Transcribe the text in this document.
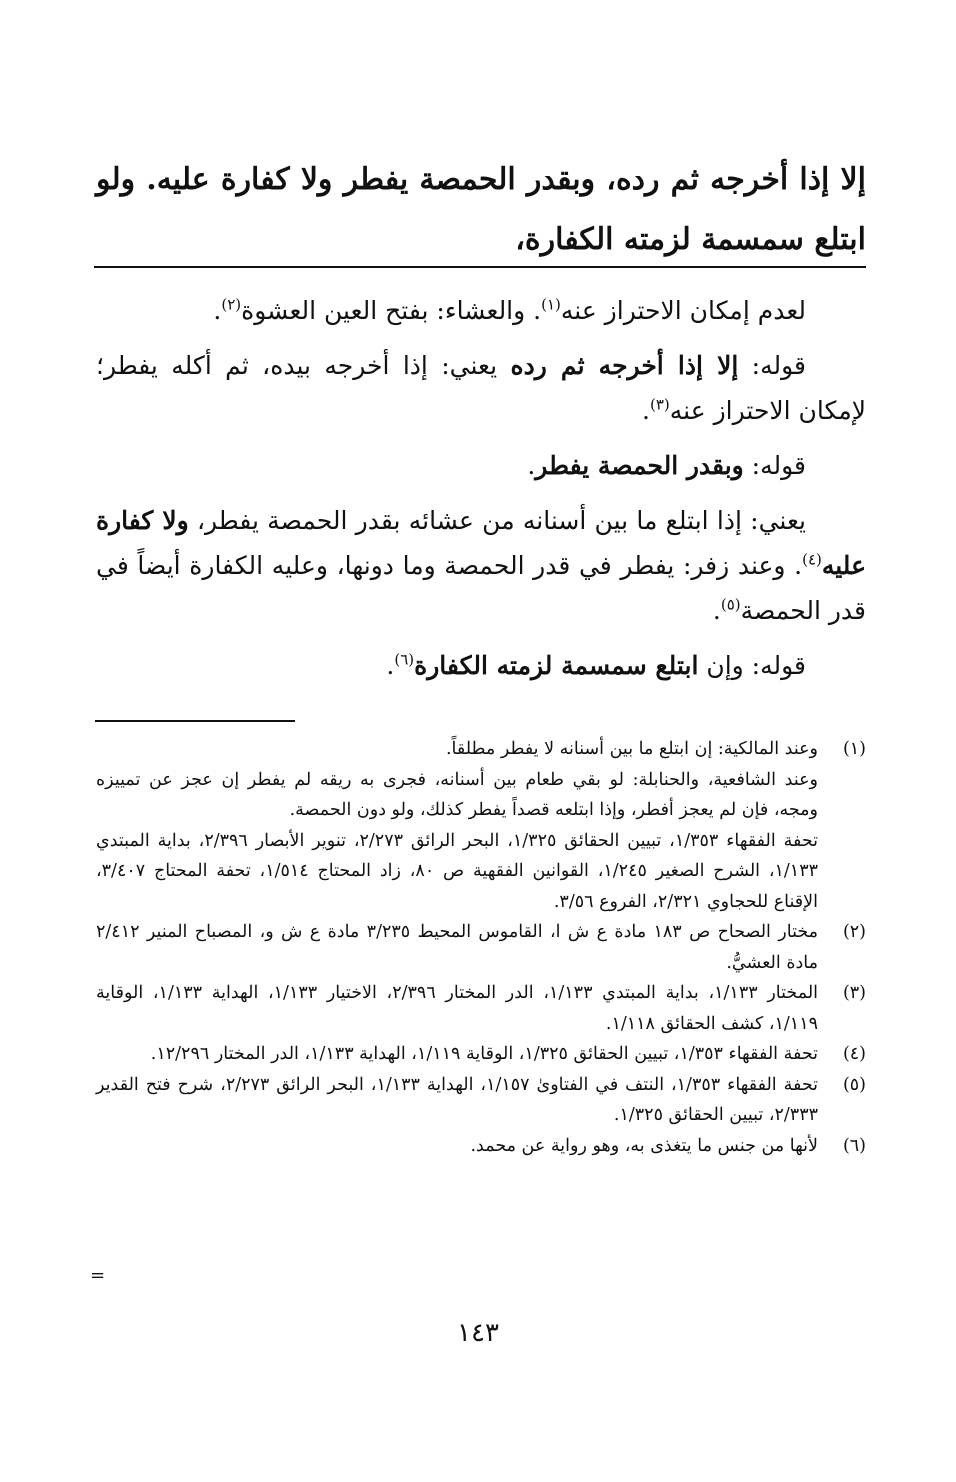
إلا إذا أخرجه ثم رده، وبقدر الحمصة يفطر ولا كفارة عليه. ولو ابتلع سمسمة لزمته الكفارة،

لعدم إمكان الاحتراز عنه$^{(١)}$. والعشاء: بفتح العين العشوة$^{(٢)}$.

قوله: إلا إذا أخرجه ثم رده يعني: إذا أخرجه بيده، ثم أكله يفطر؛ لإمكان الاحتراز عنه$^{(٣)}$.

قوله: وبقدر الحمصة يفطر.

يعني: إذا ابتلع ما بين أسنانه من عشائه بقدر الحمصة يفطر، ولا كفارة عليه$^{(٤)}$. وعند زفر: يفطر في قدر الحمصة وما دونها، وعليه الكفارة أيضاً في قدر الحمصة$^{(٥)}$.

قوله: وإن ابتلع سمسمة لزمته الكفارة$^{(٦)}$.

(١)
وعند المالكية: إن ابتلع ما بين أسنانه لا يفطر مطلقاً.
وعند الشافعية، والحنابلة: لو بقي طعام بين أسنانه، فجرى به ريقه لم يفطر إن عجز عن تمييزه ومجه، فإن لم يعجز أفطر، وإذا ابتلعه قصداً يفطر كذلك، ولو دون الحمصة.
تحفة الفقهاء ١/٣٥٣، تبيين الحقائق ١/٣٢٥، البحر الرائق ٢/٢٧٣، تنوير الأبصار ٢/٣٩٦، بداية المبتدي ١/١٣٣، الشرح الصغير ١/٢٤٥، القوانين الفقهية ص ٨٠، زاد المحتاج ١/٥١٤، تحفة المحتاج ٣/٤٠٧، الإقناع للحجاوي ٢/٣٢١، الفروع ٣/٥٦.
(٢)
مختار الصحاح ص ١٨٣ مادة ع ش ا، القاموس المحيط ٣/٢٣٥ مادة ع ش و، المصباح المنير ٢/٤١٢ مادة العشيُّ.
(٣)
المختار ١/١٣٣، بداية المبتدي ١/١٣٣، الدر المختار ٢/٣٩٦، الاختيار ١/١٣٣، الهداية ١/١٣٣، الوقاية ١/١١٩، كشف الحقائق ١/١١٨.
(٤)
تحفة الفقهاء ١/٣٥٣، تبيين الحقائق ١/٣٢٥، الوقاية ١/١١٩، الهداية ١/١٣٣، الدر المختار ١٢/٢٩٦.
(٥)
تحفة الفقهاء ١/٣٥٣، النتف في الفتاوىٰ ١/١٥٧، الهداية ١/١٣٣، البحر الرائق ٢/٢٧٣، شرح فتح القدير ٢/٣٣٣، تبيين الحقائق ١/٣٢٥.
(٦)
لأنها من جنس ما يتغذى به، وهو رواية عن محمد.
=
١٤٣
